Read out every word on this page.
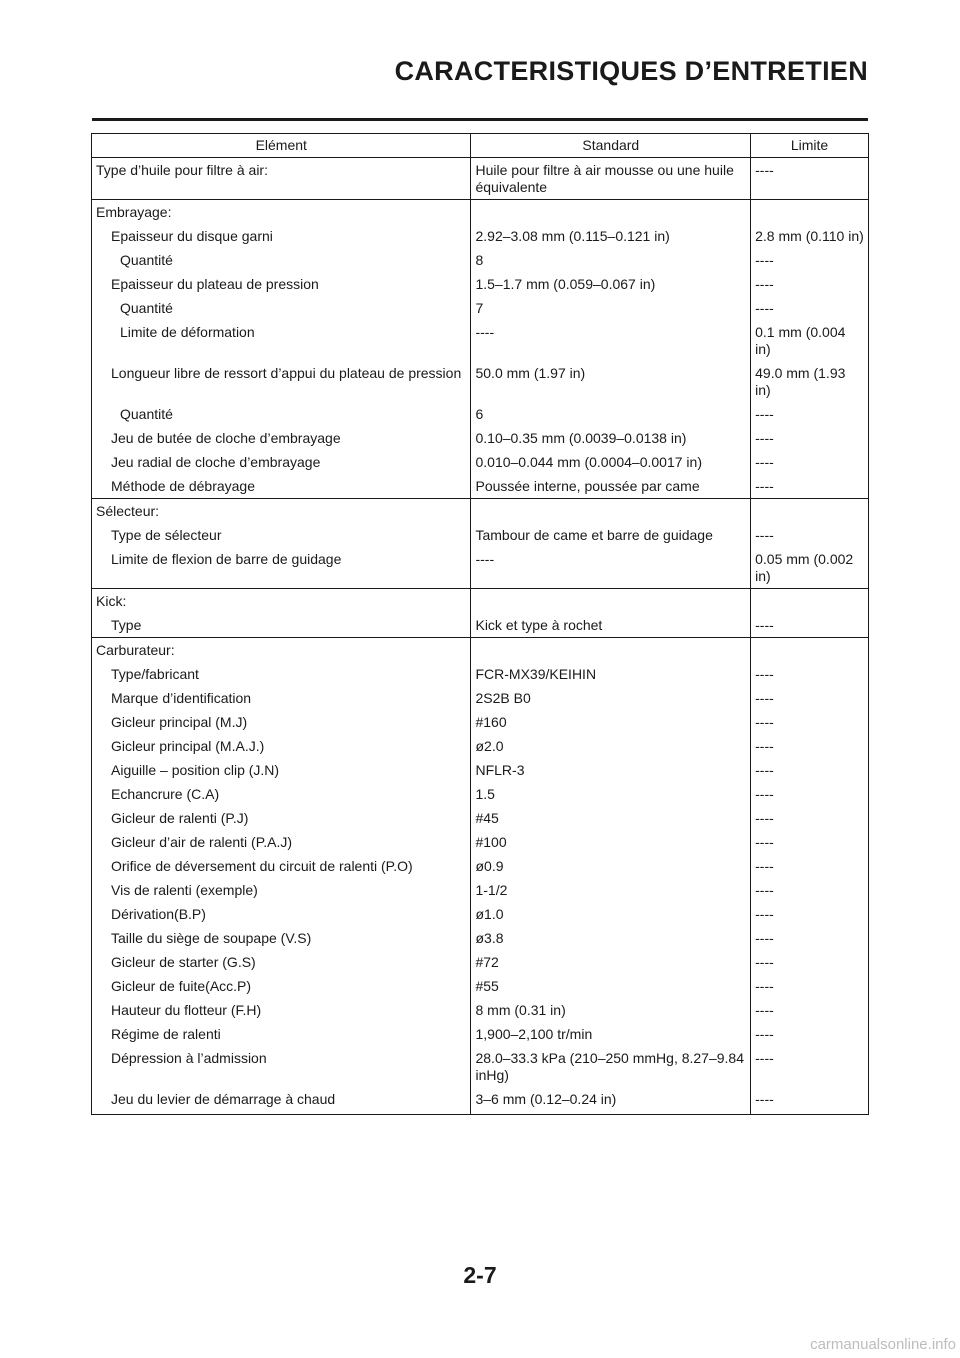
CARACTERISTIQUES D’ENTRETIEN
Elément	Standard	Limite
Type d’huile pour filtre à air:	Huile pour filtre à air mousse ou une huile équivalente	----
Embrayage:		
Epaisseur du disque garni	2.92–3.08 mm (0.115–0.121 in)	2.8 mm (0.110 in)
Quantité	8	----
Epaisseur du plateau de pression	1.5–1.7 mm (0.059–0.067 in)	----
Quantité	7	----
Limite de déformation	----	0.1 mm (0.004 in)
Longueur libre de ressort d’appui du plateau de pression	50.0 mm (1.97 in)	49.0 mm (1.93 in)
Quantité	6	----
Jeu de butée de cloche d’embrayage	0.10–0.35 mm (0.0039–0.0138 in)	----
Jeu radial de cloche d’embrayage	0.010–0.044 mm (0.0004–0.0017 in)	----
Méthode de débrayage	Poussée interne, poussée par came	----
Sélecteur:		
Type de sélecteur	Tambour de came et barre de guidage	----
Limite de flexion de barre de guidage	----	0.05 mm (0.002 in)
Kick:		
Type	Kick et type à rochet	----
Carburateur:		
Type/fabricant	FCR-MX39/KEIHIN	----
Marque d’identification	2S2B B0	----
Gicleur principal (M.J)	#160	----
Gicleur principal (M.A.J.)	ø2.0	----
Aiguille – position clip (J.N)	NFLR-3	----
Echancrure (C.A)	1.5	----
Gicleur de ralenti (P.J)	#45	----
Gicleur d’air de ralenti (P.A.J)	#100	----
Orifice de déversement du circuit de ralenti (P.O)	ø0.9	----
Vis de ralenti (exemple)	1-1/2	----
Dérivation(B.P)	ø1.0	----
Taille du siège de soupape (V.S)	ø3.8	----
Gicleur de starter (G.S)	#72	----
Gicleur de fuite(Acc.P)	#55	----
Hauteur du flotteur (F.H)	8 mm (0.31 in)	----
Régime de ralenti	1,900–2,100 tr/min	----
Dépression à l’admission	28.0–33.3 kPa (210–250 mmHg, 8.27–9.84 inHg)	----
Jeu du levier de démarrage à chaud	3–6 mm (0.12–0.24 in)	----
2-7
carmanualsonline.info
